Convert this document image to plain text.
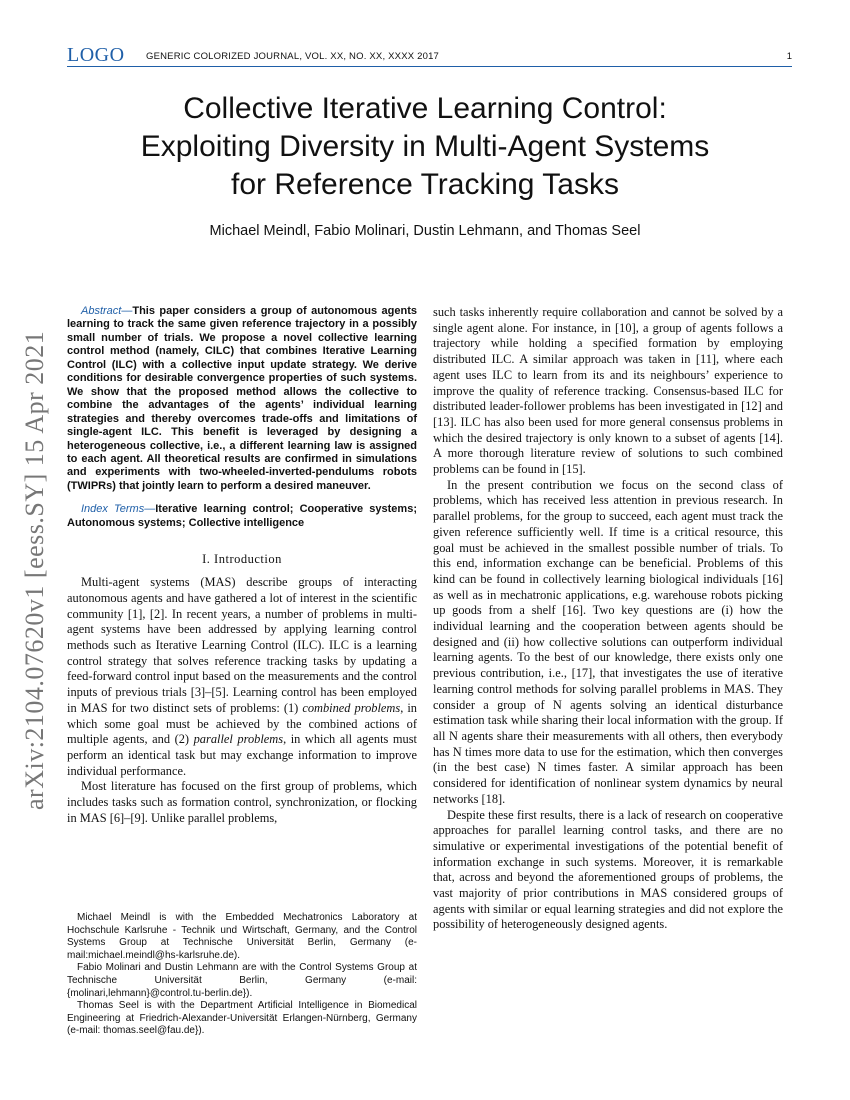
LOGO GENERIC COLORIZED JOURNAL, VOL. XX, NO. XX, XXXX 2017	1
arXiv:2104.07620v1 [eess.SY] 15 Apr 2021
Collective Iterative Learning Control:
Exploiting Diversity in Multi-Agent Systems
for Reference Tracking Tasks
Michael Meindl, Fabio Molinari, Dustin Lehmann, and Thomas Seel

Abstract—This paper considers a group of autonomous agents learning to track the same given reference trajectory in a possibly small number of trials. We propose a novel collective learning control method (namely, CILC) that combines Iterative Learning Control (ILC) with a collective input update strategy. We derive conditions for desirable convergence properties of such systems. We show that the proposed method allows the collective to combine the advantages of the agents’ individual learning strategies and thereby overcomes trade-offs and limitations of single-agent ILC. This benefit is leveraged by designing a heterogeneous collective, i.e., a different learning law is assigned to each agent. All theoretical results are confirmed in simulations and experiments with two-wheeled-inverted-pendulums robots (TWIPRs) that jointly learn to perform a desired maneuver.

Index Terms—Iterative learning control; Cooperative systems; Autonomous systems; Collective intelligence

I. Introduction

Multi-agent systems (MAS) describe groups of interacting autonomous agents and have gathered a lot of interest in the scientific community [1], [2]. In recent years, a number of problems in multi-agent systems have been addressed by applying learning control methods such as Iterative Learning Control (ILC). ILC is a learning control strategy that solves reference tracking tasks by updating a feed-forward control input based on the measurements and the control inputs of previous trials [3]–[5]. Learning control has been employed in MAS for two distinct sets of problems: (1) combined problems, in which some goal must be achieved by the combined actions of multiple agents, and (2) parallel problems, in which all agents must perform an identical task but may exchange information to improve individual performance.

Most literature has focused on the first group of problems, which includes tasks such as formation control, synchronization, or flocking in MAS [6]–[9]. Unlike parallel problems,

Michael Meindl is with the Embedded Mechatronics Laboratory at Hochschule Karlsruhe - Technik und Wirtschaft, Germany, and the Control Systems Group at Technische Universität Berlin, Germany (e-mail:michael.meindl@hs-karlsruhe.de).

Fabio Molinari and Dustin Lehmann are with the Control Systems Group at Technische Universität Berlin, Germany (e-mail: {molinari,lehmann}@control.tu-berlin.de}).

Thomas Seel is with the Department Artificial Intelligence in Biomedical Engineering at Friedrich-Alexander-Universität Erlangen-Nürnberg, Germany (e-mail: thomas.seel@fau.de}).

such tasks inherently require collaboration and cannot be solved by a single agent alone. For instance, in [10], a group of agents follows a trajectory while holding a specified formation by employing distributed ILC. A similar approach was taken in [11], where each agent uses ILC to learn from its and its neighbours’ experience to improve the quality of reference tracking. Consensus-based ILC for distributed leader-follower problems has been investigated in [12] and [13]. ILC has also been used for more general consensus problems in which the desired trajectory is only known to a subset of agents [14]. A more thorough literature review of solutions to such combined problems can be found in [15].

In the present contribution we focus on the second class of problems, which has received less attention in previous research. In parallel problems, for the group to succeed, each agent must track the given reference sufficiently well. If time is a critical resource, this goal must be achieved in the smallest possible number of trials. To this end, information exchange can be beneficial. Problems of this kind can be found in collectively learning biological individuals [16] as well as in mechatronic applications, e.g. warehouse robots picking up goods from a shelf [16]. Two key questions are (i) how the individual learning and the cooperation between agents should be designed and (ii) how collective solutions can outperform individual learning agents. To the best of our knowledge, there exists only one previous contribution, i.e., [17], that investigates the use of iterative learning control methods for solving parallel problems in MAS. They consider a group of N agents solving an identical disturbance estimation task while sharing their local information with the group. If all N agents share their measurements with all others, then everybody has N times more data to use for the estimation, which then converges (in the best case) N times faster. A similar approach has been considered for identification of nonlinear system dynamics by neural networks [18].

Despite these first results, there is a lack of research on cooperative approaches for parallel learning control tasks, and there are no simulative or experimental investigations of the potential benefit of information exchange in such systems. Moreover, it is remarkable that, across and beyond the aforementioned groups of problems, the vast majority of prior contributions in MAS considered groups of agents with similar or equal learning strategies and did not explore the possibility of heterogeneously designed agents.
